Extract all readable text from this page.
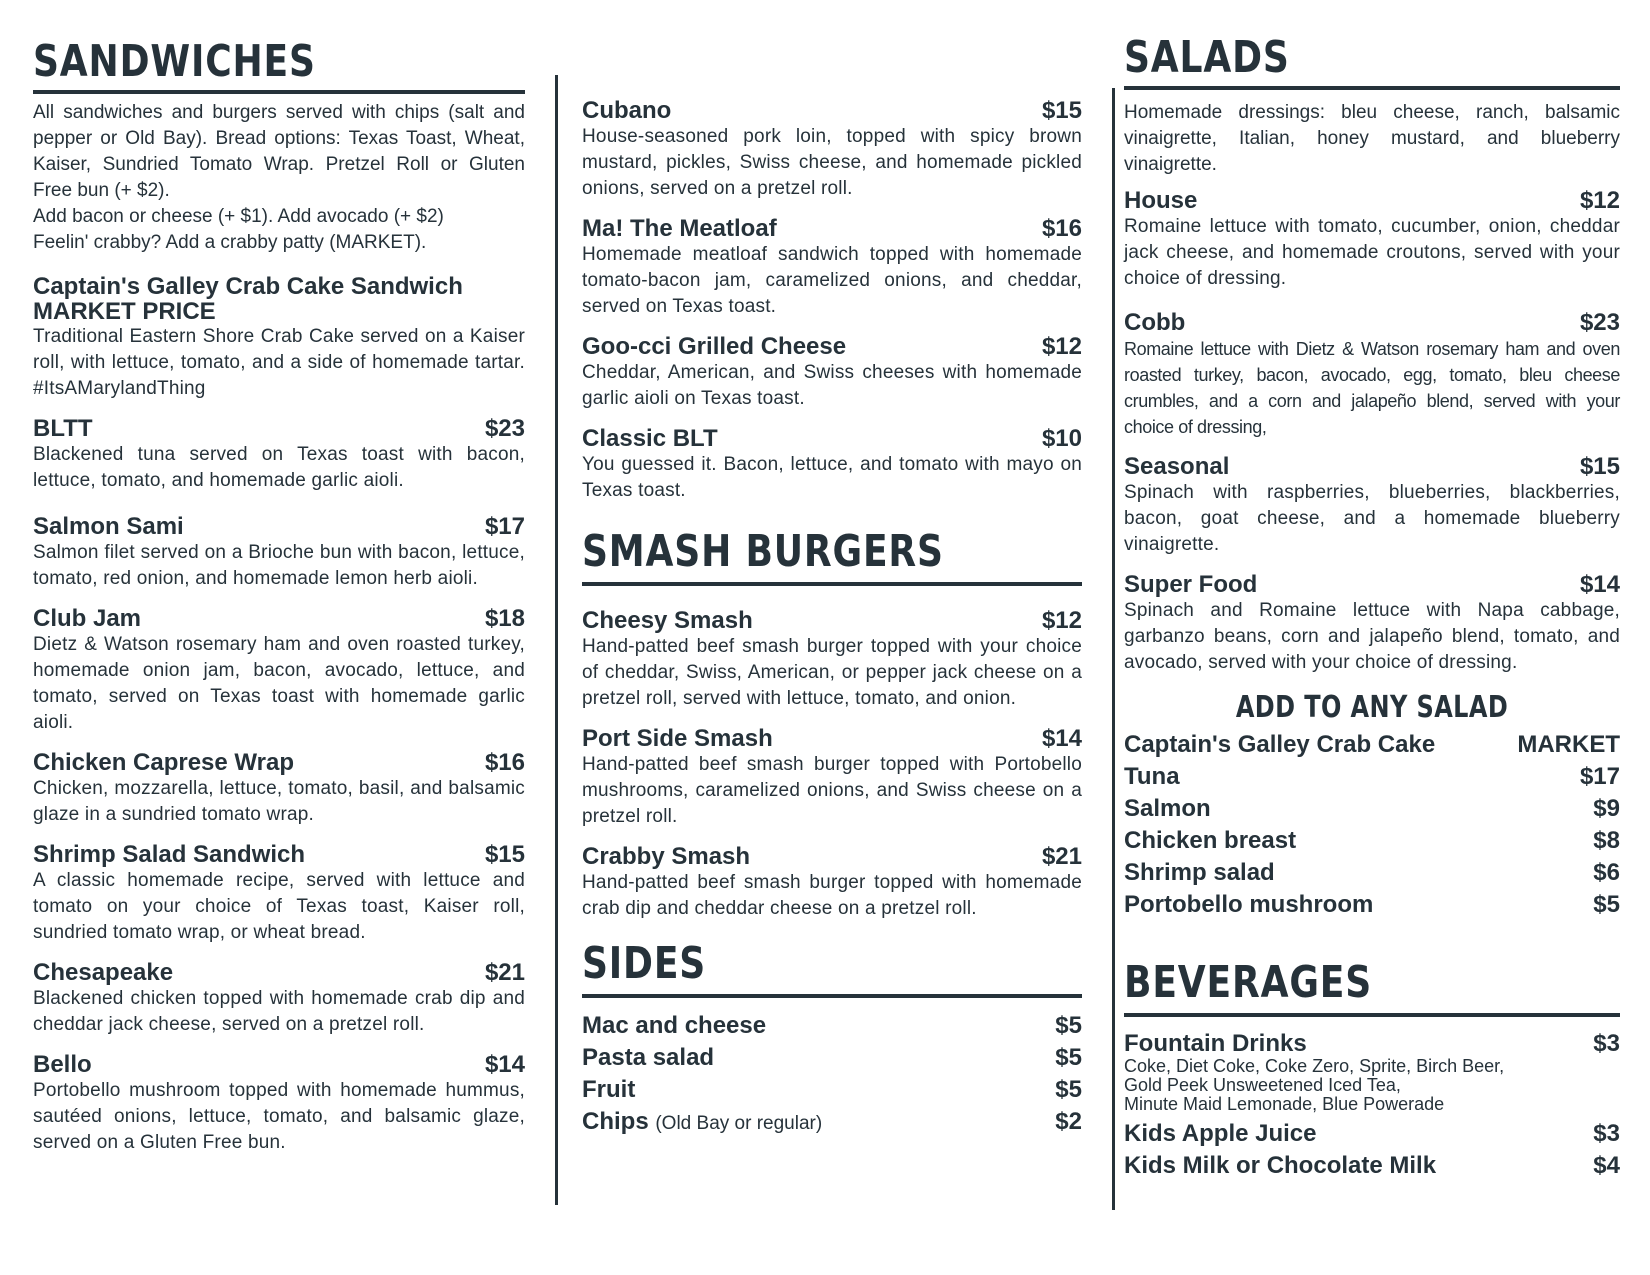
SANDWICHES
All sandwiches and burgers served with chips (salt and pepper or Old Bay). Bread options: Texas Toast, Wheat, Kaiser, Sundried Tomato Wrap. Pretzel Roll or Gluten Free bun (+ $2).
Add bacon or cheese (+ $1). Add avocado (+ $2)
Feelin' crabby? Add a crabby patty (MARKET).
Captain's Galley Crab Cake Sandwich
MARKET PRICE
Traditional Eastern Shore Crab Cake served on a Kaiser roll, with lettuce, tomato, and a side of homemade tartar. #ItsAMarylandThing
BLTT	$23
Blackened tuna served on Texas toast with bacon, lettuce, tomato, and homemade garlic aioli.
Salmon Sami	$17
Salmon filet served on a Brioche bun with bacon, lettuce, tomato, red onion, and homemade lemon herb aioli.
Club Jam	$18
Dietz & Watson rosemary ham and oven roasted turkey, homemade onion jam, bacon, avocado, lettuce, and tomato, served on Texas toast with homemade garlic aioli.
Chicken Caprese Wrap	$16
Chicken, mozzarella, lettuce, tomato, basil, and balsamic glaze in a sundried tomato wrap.
Shrimp Salad Sandwich	$15
A classic homemade recipe, served with lettuce and tomato on your choice of Texas toast, Kaiser roll, sundried tomato wrap, or wheat bread.
Chesapeake	$21
Blackened chicken topped with homemade crab dip and cheddar jack cheese, served on a pretzel roll.
Bello	$14
Portobello mushroom topped with homemade hummus, sautéed onions, lettuce, tomato, and balsamic glaze, served on a Gluten Free bun.
Cubano	$15
House-seasoned pork loin, topped with spicy brown mustard, pickles, Swiss cheese, and homemade pickled onions, served on a pretzel roll.
Ma! The Meatloaf	$16
Homemade meatloaf sandwich topped with homemade tomato-bacon jam, caramelized onions, and cheddar, served on Texas toast.
Goo-cci Grilled Cheese	$12
Cheddar, American, and Swiss cheeses with homemade garlic aioli on Texas toast.
Classic BLT	$10
You guessed it. Bacon, lettuce, and tomato with mayo on Texas toast.
SMASH BURGERS
Cheesy Smash	$12
Hand-patted beef smash burger topped with your choice of cheddar, Swiss, American, or pepper jack cheese on a pretzel roll, served with lettuce, tomato, and onion.
Port Side Smash	$14
Hand-patted beef smash burger topped with Portobello mushrooms, caramelized onions, and Swiss cheese on a pretzel roll.
Crabby Smash	$21
Hand-patted beef smash burger topped with homemade crab dip and cheddar cheese on a pretzel roll.
SIDES
Mac and cheese	$5
Pasta salad	$5
Fruit	$5
Chips (Old Bay or regular)	$2
SALADS
Homemade dressings: bleu cheese, ranch, balsamic vinaigrette, Italian, honey mustard, and blueberry vinaigrette.
House	$12
Romaine lettuce with tomato, cucumber, onion, cheddar jack cheese, and homemade croutons, served with your choice of dressing.
Cobb	$23
Romaine lettuce with Dietz & Watson rosemary ham and oven roasted turkey, bacon, avocado, egg, tomato, bleu cheese crumbles, and a corn and jalapeño blend, served with your choice of dressing,
Seasonal	$15
Spinach with raspberries, blueberries, blackberries, bacon, goat cheese, and a homemade blueberry vinaigrette.
Super Food	$14
Spinach and Romaine lettuce with Napa cabbage, garbanzo beans, corn and jalapeño blend, tomato, and avocado, served with your choice of dressing.
ADD TO ANY SALAD
Captain's Galley Crab Cake	MARKET
Tuna	$17
Salmon	$9
Chicken breast	$8
Shrimp salad	$6
Portobello mushroom	$5
BEVERAGES
Fountain Drinks	$3
Coke, Diet Coke, Coke Zero, Sprite, Birch Beer,
Gold Peek Unsweetened Iced Tea,
Minute Maid Lemonade, Blue Powerade
Kids Apple Juice	$3
Kids Milk or Chocolate Milk	$4
